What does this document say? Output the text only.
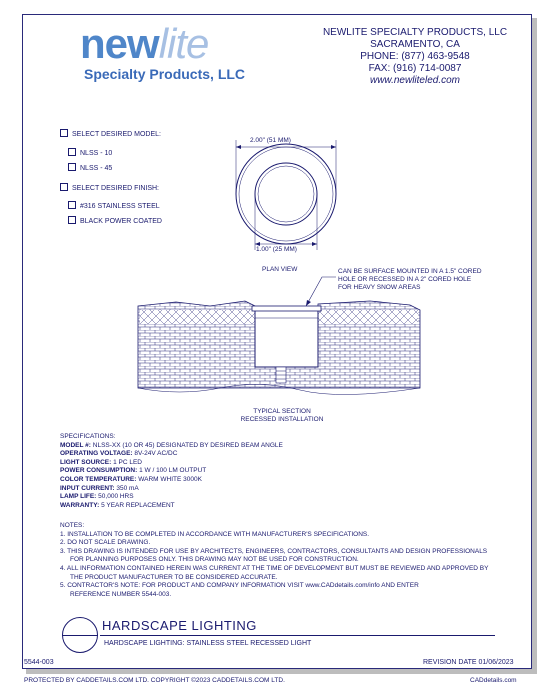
newlite
Specialty Products, LLC
NEWLITE SPECIALTY PRODUCTS, LLC
SACRAMENTO, CA
PHONE: (877) 463-9548
FAX: (916) 714-0087
www.newliteled.com
SELECT DESIRED MODEL:
NLSS - 10
NLSS - 45
SELECT DESIRED FINISH:
#316 STAINLESS STEEL
BLACK POWER COATED
2.00" (51 MM)
1.00" (25 MM)
PLAN VIEW	CAN BE SURFACE MOUNTED IN A 1.5" CORED
HOLE OR RECESSED IN A 2" CORED HOLE
FOR HEAVY SNOW AREAS
TYPICAL SECTION
RECESSED INSTALLATION
SPECIFICATIONS:
MODEL #: NLSS-XX (10 OR 45) DESIGNATED BY DESIRED BEAM ANGLE
OPERATING VOLTAGE: 8V-24V AC/DC
LIGHT SOURCE: 1 PC LED
POWER CONSUMPTION: 1 W / 100 LM OUTPUT
COLOR TEMPERATURE: WARM WHITE 3000K
INPUT CURRENT: 350 mA
LAMP LIFE: 50,000 HRS
WARRANTY: 5 YEAR REPLACEMENT
NOTES:
1. INSTALLATION TO BE COMPLETED IN ACCORDANCE WITH MANUFACTURER'S SPECIFICATIONS.
2. DO NOT SCALE DRAWING.
3. THIS DRAWING IS INTENDED FOR USE BY ARCHITECTS, ENGINEERS, CONTRACTORS, CONSULTANTS AND DESIGN PROFESSIONALS
FOR PLANNING PURPOSES ONLY. THIS DRAWING MAY NOT BE USED FOR CONSTRUCTION.
4. ALL INFORMATION CONTAINED HEREIN WAS CURRENT AT THE TIME OF DEVELOPMENT BUT MUST BE REVIEWED AND APPROVED BY
THE PRODUCT MANUFACTURER TO BE CONSIDERED ACCURATE.
5. CONTRACTOR'S NOTE: FOR PRODUCT AND COMPANY INFORMATION VISIT www.CADdetails.com/info AND ENTER
REFERENCE NUMBER 5544-003.
HARDSCAPE LIGHTING
HARDSCAPE LIGHTING: STAINLESS STEEL RECESSED LIGHT
5544-003	REVISION DATE 01/06/2023
PROTECTED BY CADDETAILS.COM LTD. COPYRIGHT ©2023 CADDETAILS.COM LTD.	CADdetails.com
